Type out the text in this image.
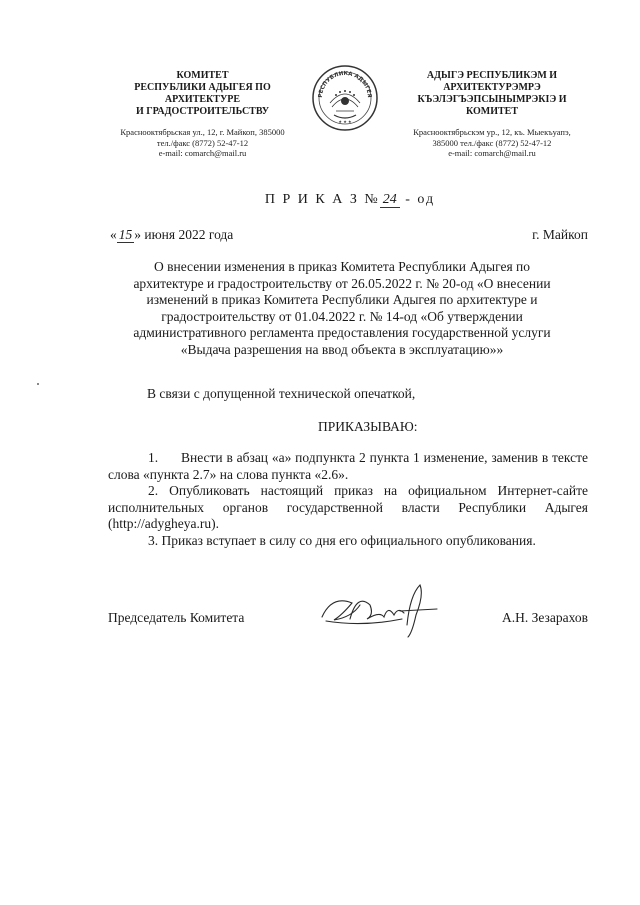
КОМИТЕТ
РЕСПУБЛИКИ АДЫГЕЯ ПО
АРХИТЕКТУРЕ
И ГРАДОСТРОИТЕЛЬСТВУ
Краснооктябрьская ул., 12, г. Майкоп, 385000
тел./факс (8772) 52-47-12
e-mail: comarch@mail.ru
РЕСПУБЛИКА АДЫГЕЯ
★ ★ ★
АДЫГЭ РЕСПУБЛИКЭМ И
АРХИТЕКТУРЭМРЭ
КЪЭЛЭГЪЭПСЫНЫМРЭКIЭ И
КОМИТЕТ
Краснооктябрьскэм ур., 12, къ. Мыекъуапэ,
385000 тел./факс (8772) 52-47-12
e-mail: comarch@mail.ru
П Р И К А З № 24 - од
« 15 » июня 2022 года	г. Майкоп
О внесении изменения в приказ Комитета Республики Адыгея по
архитектуре и градостроительству от 26.05.2022 г. № 20-од «О внесении
изменений в приказ Комитета Республики Адыгея по архитектуре и
градостроительству от 01.04.2022 г. № 14-од «Об утверждении
административного регламента предоставления государственной услуги
«Выдача разрешения на ввод объекта в эксплуатацию»»
В связи с допущенной технической опечаткой,
ПРИКАЗЫВАЮ:

1.      Внести в абзац «а» подпункта 2 пункта 1 изменение, заменив в тексте слова «пункта 2.7» на слова пункта «2.6».

2. Опубликовать настоящий приказ на официальном Интернет-сайте исполнительных органов государственной власти Республики Адыгея (http://adygheya.ru).

3. Приказ вступает в силу со дня его официального опубликования.

Председатель Комитета	А.Н. Зезарахов
